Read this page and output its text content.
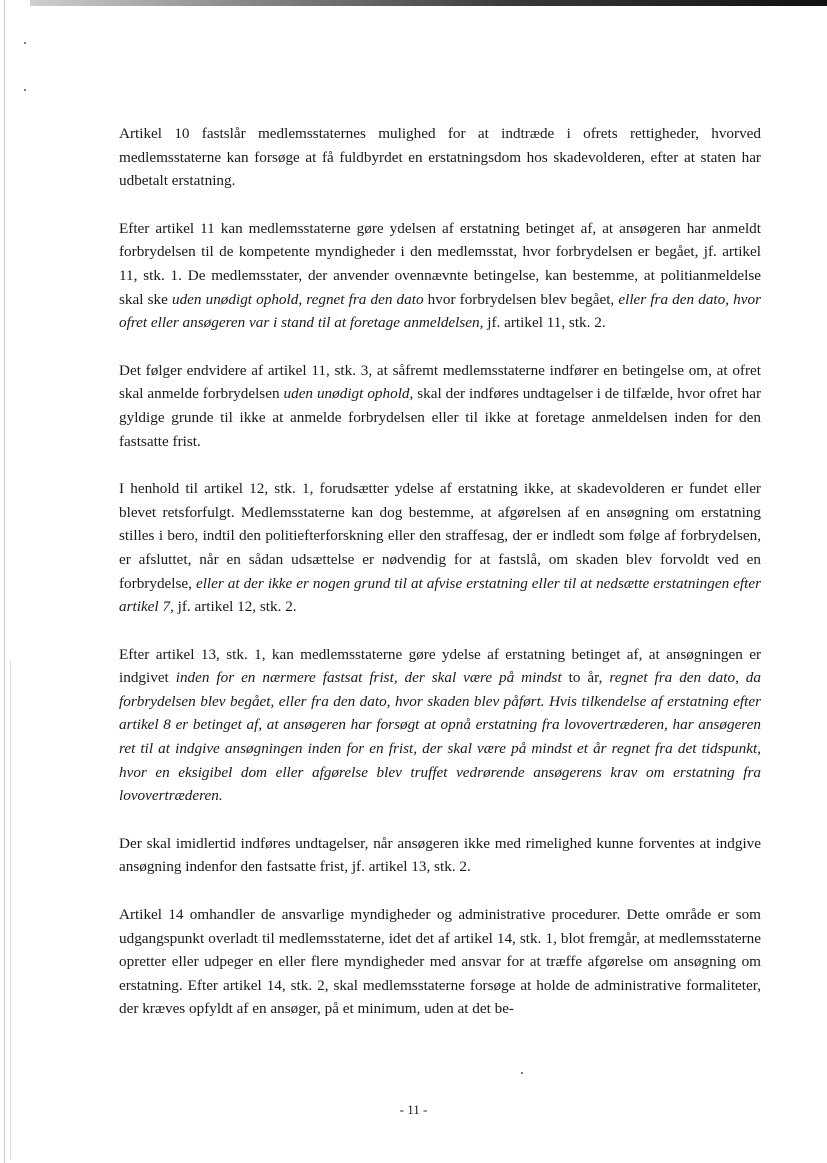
Artikel 10 fastslår medlemsstaternes mulighed for at indtræde i ofrets rettigheder, hvorved medlemsstaterne kan forsøge at få fuldbyrdet en erstatningsdom hos skadevolderen, efter at staten har udbetalt erstatning.

Efter artikel 11 kan medlemsstaterne gøre ydelsen af erstatning betinget af, at ansøgeren har anmeldt forbrydelsen til de kompetente myndigheder i den medlemsstat, hvor forbrydelsen er begået, jf. artikel 11, stk. 1. De medlemsstater, der anvender ovennævnte betingelse, kan bestemme, at politianmeldelse skal ske uden unødigt ophold, regnet fra den dato hvor forbrydelsen blev begået, eller fra den dato, hvor ofret eller ansøgeren var i stand til at foretage anmeldelsen, jf. artikel 11, stk. 2.

Det følger endvidere af artikel 11, stk. 3, at såfremt medlemsstaterne indfører en betingelse om, at ofret skal anmelde forbrydelsen uden unødigt ophold, skal der indføres undtagelser i de tilfælde, hvor ofret har gyldige grunde til ikke at anmelde forbrydelsen eller til ikke at foretage anmeldelsen inden for den fastsatte frist.

I henhold til artikel 12, stk. 1, forudsætter ydelse af erstatning ikke, at skadevolderen er fundet eller blevet retsforfulgt. Medlemsstaterne kan dog bestemme, at afgørelsen af en ansøgning om erstatning stilles i bero, indtil den politiefterforskning eller den straffesag, der er indledt som følge af forbrydelsen, er afsluttet, når en sådan udsættelse er nødvendig for at fastslå, om skaden blev forvoldt ved en forbrydelse, eller at der ikke er nogen grund til at afvise erstatning eller til at nedsætte erstatningen efter artikel 7, jf. artikel 12, stk. 2.

Efter artikel 13, stk. 1, kan medlemsstaterne gøre ydelse af erstatning betinget af, at ansøgningen er indgivet inden for en nærmere fastsat frist, der skal være på mindst to år, regnet fra den dato, da forbrydelsen blev begået, eller fra den dato, hvor skaden blev påført. Hvis tilkendelse af erstatning efter artikel 8 er betinget af, at ansøgeren har forsøgt at opnå erstatning fra lovovertræderen, har ansøgeren ret til at indgive ansøgningen inden for en frist, der skal være på mindst et år regnet fra det tidspunkt, hvor en eksigibel dom eller afgørelse blev truffet vedrørende ansøgerens krav om erstatning fra lovovertræderen.

Der skal imidlertid indføres undtagelser, når ansøgeren ikke med rimelighed kunne forventes at indgive ansøgning indenfor den fastsatte frist, jf. artikel 13, stk. 2.

Artikel 14 omhandler de ansvarlige myndigheder og administrative procedurer. Dette område er som udgangspunkt overladt til medlemsstaterne, idet det af artikel 14, stk. 1, blot fremgår, at medlemsstaterne opretter eller udpeger en eller flere myndigheder med ansvar for at træffe afgørelse om ansøgning om erstatning. Efter artikel 14, stk. 2, skal medlemsstaterne forsøge at holde de administrative formaliteter, der kræves opfyldt af en ansøger, på et minimum, uden at det be-

- 11 -
